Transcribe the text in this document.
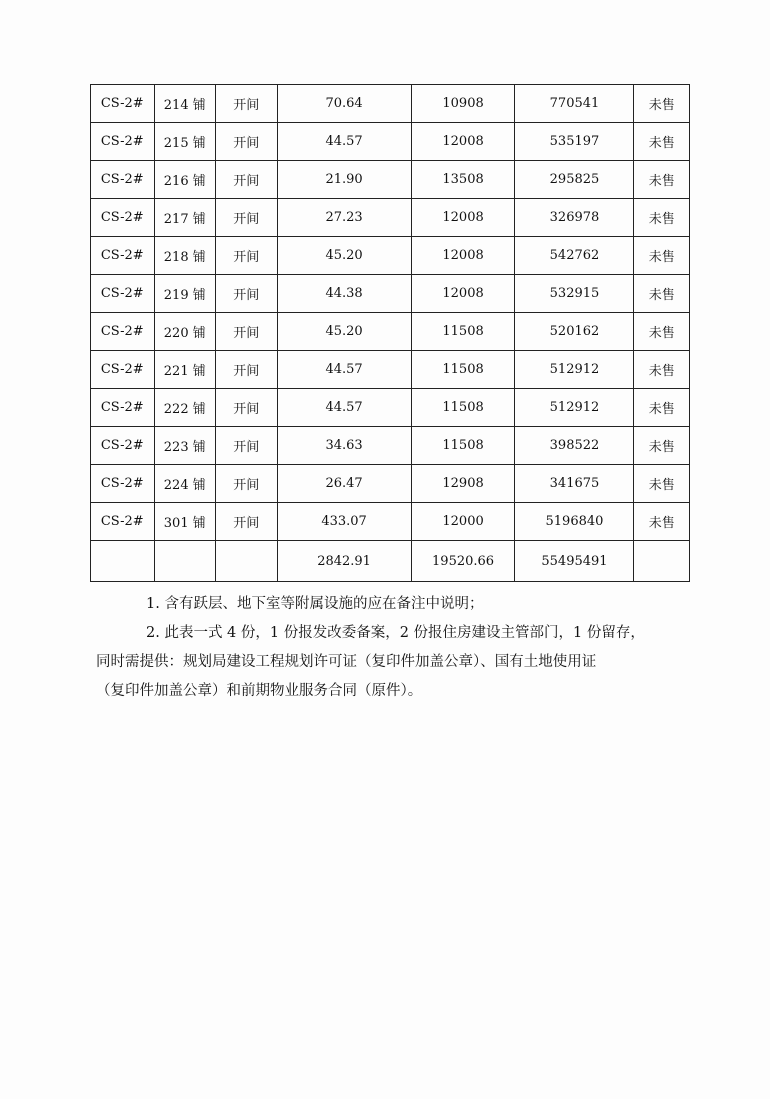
CS-2#	214 铺	开间	70.64	10908	770541	未售
CS-2#	215 铺	开间	44.57	12008	535197	未售
CS-2#	216 铺	开间	21.90	13508	295825	未售
CS-2#	217 铺	开间	27.23	12008	326978	未售
CS-2#	218 铺	开间	45.20	12008	542762	未售
CS-2#	219 铺	开间	44.38	12008	532915	未售
CS-2#	220 铺	开间	45.20	11508	520162	未售
CS-2#	221 铺	开间	44.57	11508	512912	未售
CS-2#	222 铺	开间	44.57	11508	512912	未售
CS-2#	223 铺	开间	34.63	11508	398522	未售
CS-2#	224 铺	开间	26.47	12908	341675	未售
CS-2#	301 铺	开间	433.07	12000	5196840	未售
			2842.91	19520.66	55495491	

1. 含有跃层、地下室等附属设施的应在备注中说明；

2. 此表一式 4 份，1 份报发改委备案，2 份报住房建设主管部门，1 份留存，

同时需提供：规划局建设工程规划许可证（复印件加盖公章）、国有土地使用证

（复印件加盖公章）和前期物业服务合同（原件）。
